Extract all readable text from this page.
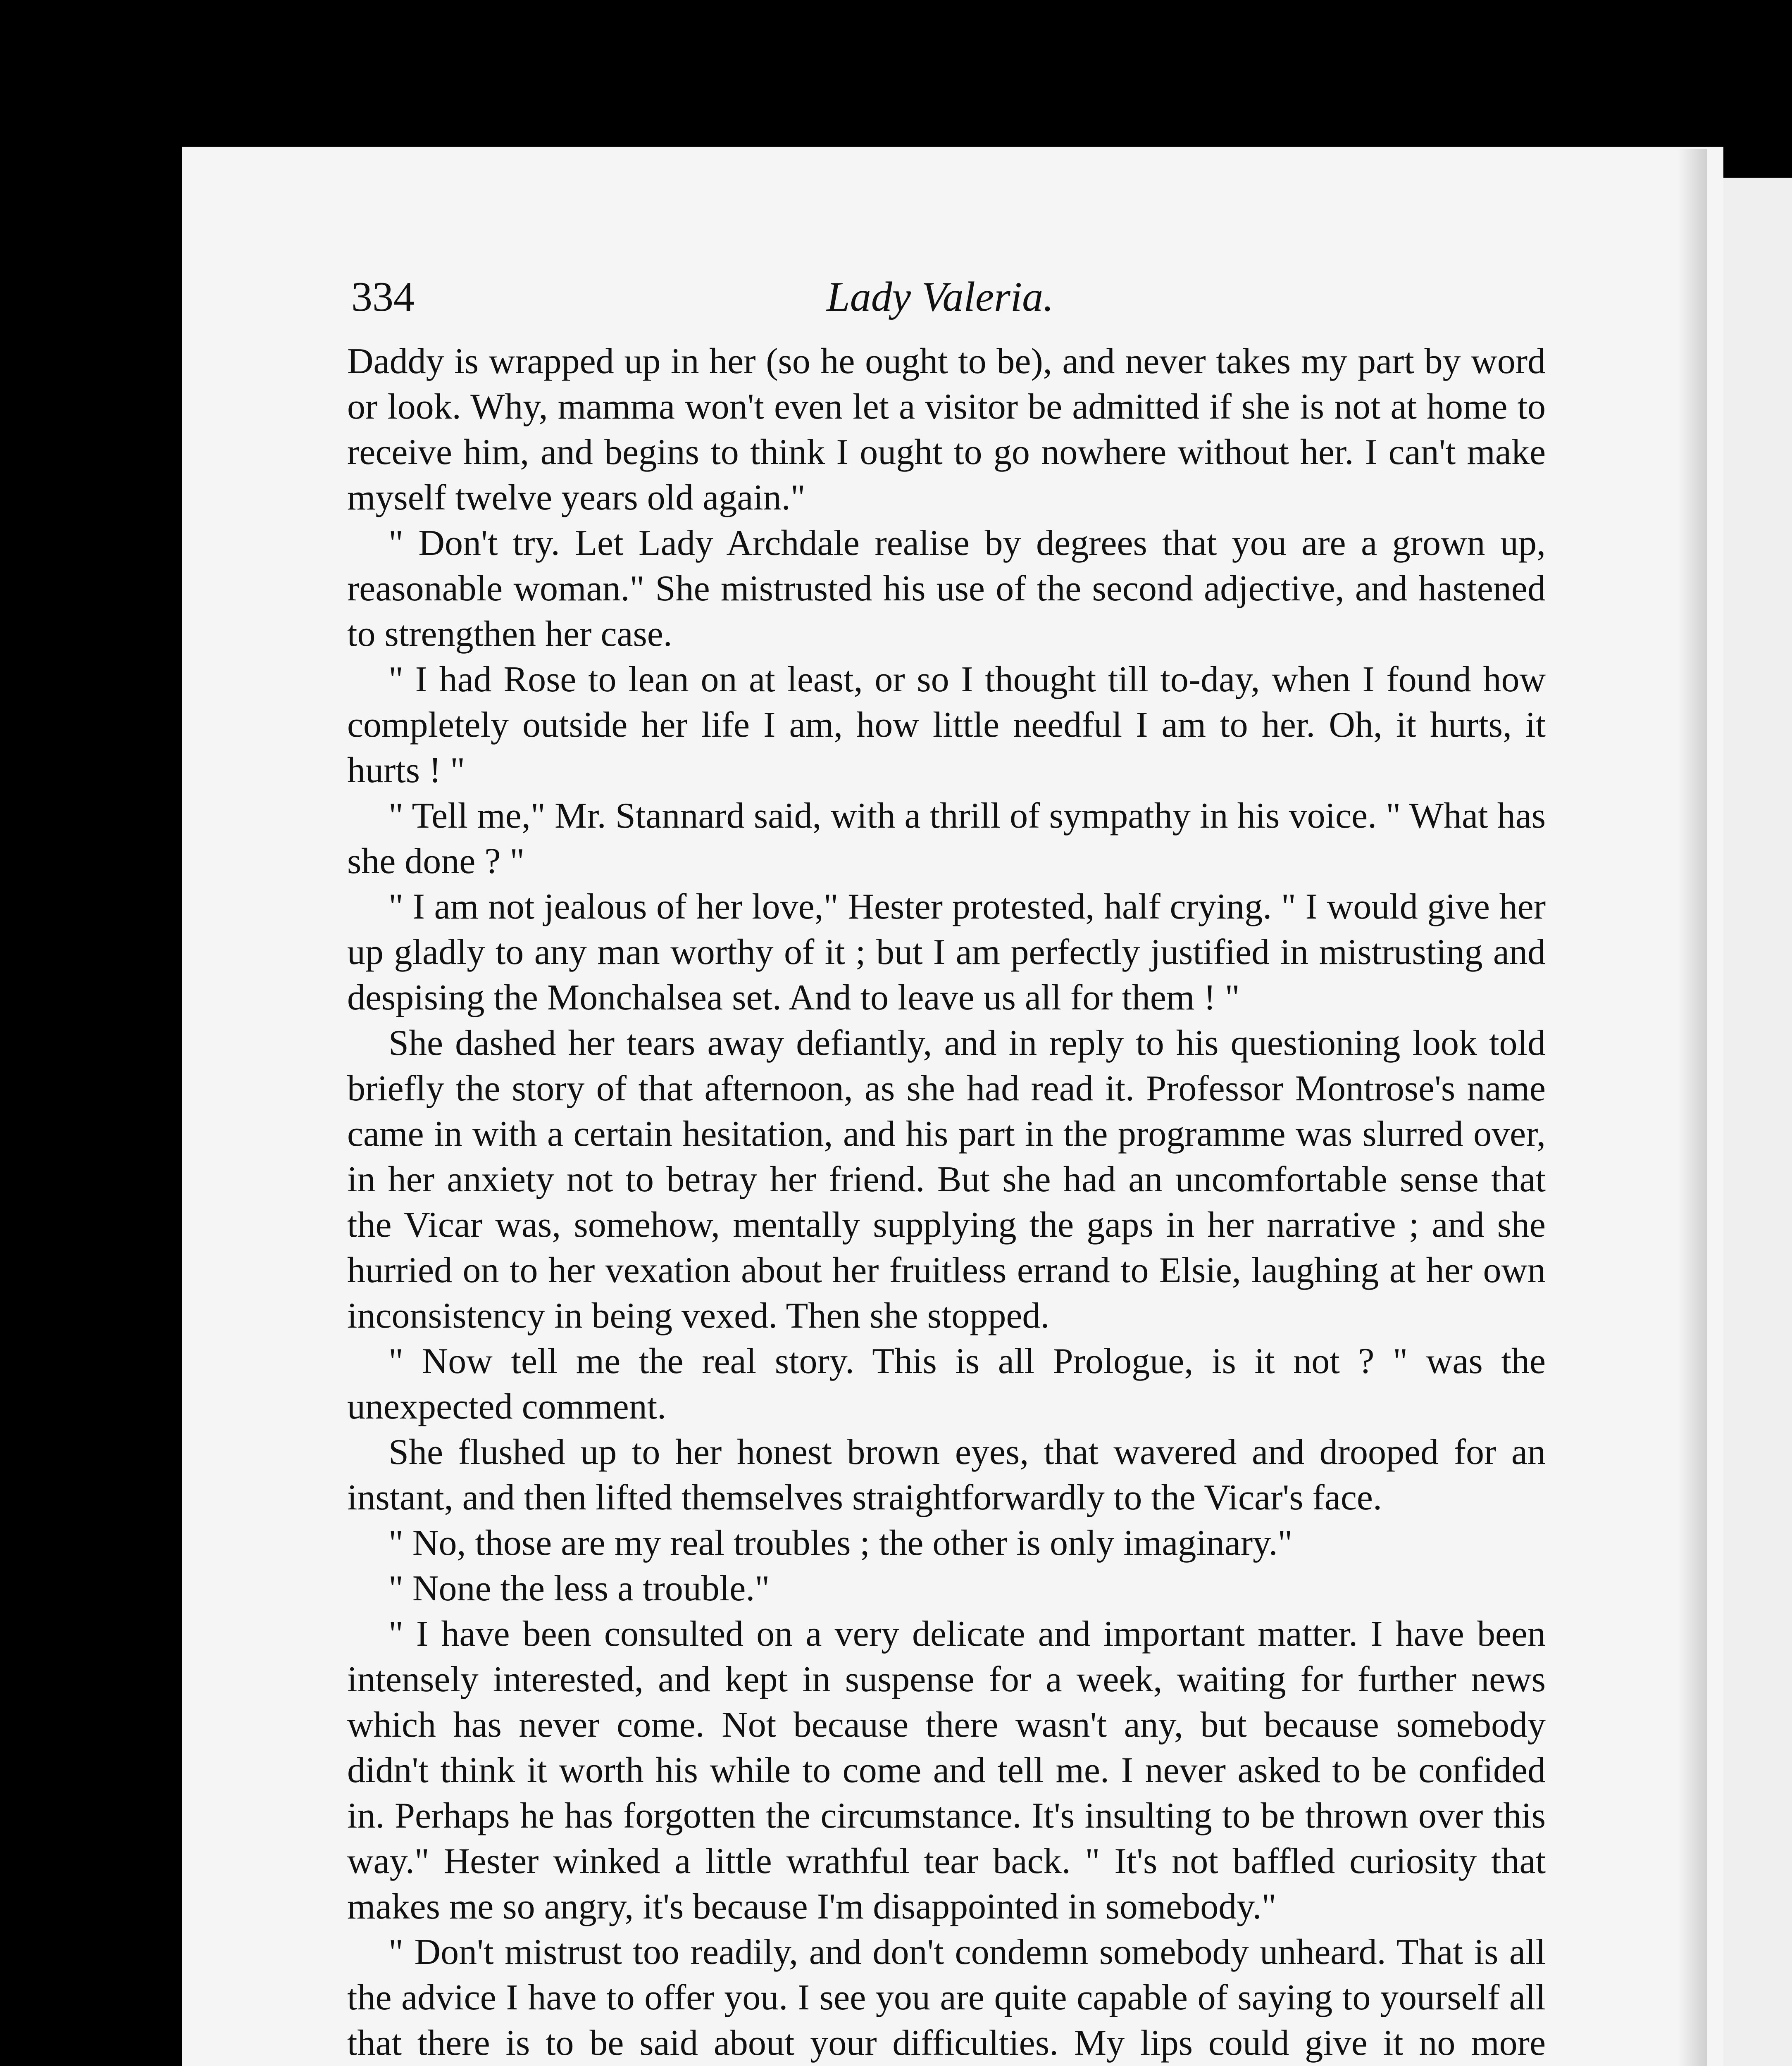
334	Lady Valeria.

Daddy is wrapped up in her (so he ought to be), and never takes my part by word or look. Why, mamma won't even let a visitor be admitted if she is not at home to receive him, and begins to think I ought to go nowhere without her. I can't make myself twelve years old again."

" Don't try. Let Lady Archdale realise by degrees that you are a grown up, reasonable woman." She mistrusted his use of the second adjective, and hastened to strengthen her case.

" I had Rose to lean on at least, or so I thought till to-day, when I found how completely outside her life I am, how little needful I am to her. Oh, it hurts, it hurts ! "

" Tell me," Mr. Stannard said, with a thrill of sympathy in his voice. " What has she done ? "

" I am not jealous of her love," Hester protested, half crying. " I would give her up gladly to any man worthy of it ; but I am perfectly justified in mistrusting and despising the Monchalsea set. And to leave us all for them ! "

She dashed her tears away defiantly, and in reply to his questioning look told briefly the story of that afternoon, as she had read it. Professor Montrose's name came in with a certain hesitation, and his part in the programme was slurred over, in her anxiety not to betray her friend. But she had an uncomfortable sense that the Vicar was, somehow, mentally supplying the gaps in her narrative ; and she hurried on to her vexation about her fruitless errand to Elsie, laughing at her own inconsistency in being vexed. Then she stopped.

" Now tell me the real story. This is all Prologue, is it not ? " was the unexpected comment.

She flushed up to her honest brown eyes, that wavered and drooped for an instant, and then lifted themselves straightforwardly to the Vicar's face.

" No, those are my real troubles ; the other is only imaginary."

" None the less a trouble."

" I have been consulted on a very delicate and important matter. I have been intensely interested, and kept in suspense for a week, waiting for further news which has never come. Not because there wasn't any, but because somebody didn't think it worth his while to come and tell me. I never asked to be confided in. Perhaps he has forgotten the circumstance. It's insulting to be thrown over this way." Hester winked a little wrathful tear back. " It's not baffled curiosity that makes me so angry, it's because I'm disappointed in somebody."

" Don't mistrust too readily, and don't condemn somebody unheard. That is all the advice I have to offer you. I see you are quite capable of saying to yourself all that there is to be said about your difficulties. My lips could give it no more
